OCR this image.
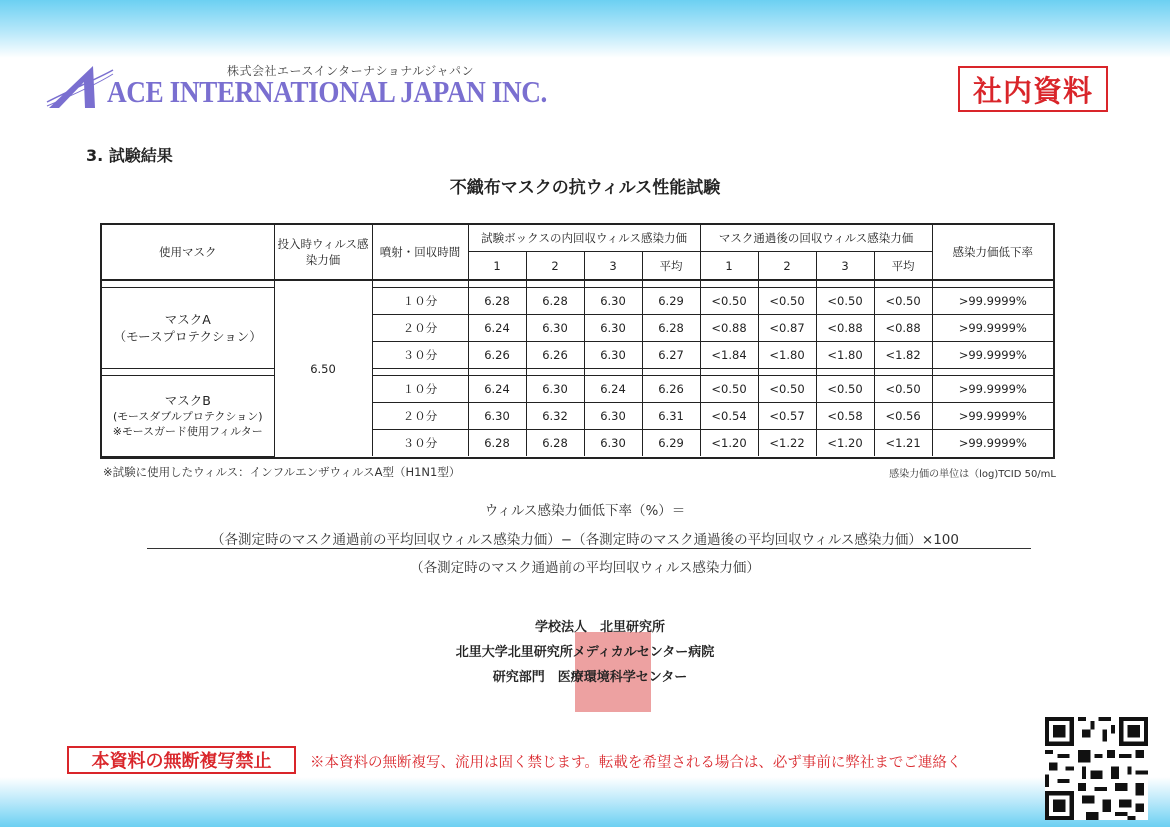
株式会社エースインターナショナルジャパン
ACE INTERNATIONAL JAPAN INC.	社内資料
3. 試験結果
不織布マスクの抗ウィルス性能試験
使用マスク	投入時ウィルス感染力価	噴射・回収時間	試験ボックスの内回収ウィルス感染力価				マスク通過後の回収ウィルス感染力価				感染力価低下率
			1	2	3	平均	1	2	3	平均	
	6.50										

マスクA
（モースプロテクション）		１０分	6.28	6.28	6.30	6.29	<0.50	<0.50	<0.50	<0.50	>99.9999%
		２０分	6.24	6.30	6.30	6.28	<0.88	<0.87	<0.88	<0.88	>99.9999%
		３０分	6.26	6.26	6.30	6.27	<1.84	<1.80	<1.80	<1.82	>99.9999%

マスクB
(モースダブルプロテクション)
※モースガード使用フィルター		１０分	6.24	6.30	6.24	6.26	<0.50	<0.50	<0.50	<0.50	>99.9999%
		２０分	6.30	6.32	6.30	6.31	<0.54	<0.57	<0.58	<0.56	>99.9999%
		３０分	6.28	6.28	6.30	6.29	<1.20	<1.22	<1.20	<1.21	>99.9999%
※試験に使用したウィルス：インフルエンザウィルスA型（H1N1型）	感染力価の単位は（log)TCID 50/mL
ウィルス感染力価低下率（%）＝
（各測定時のマスク通過前の平均回収ウィルス感染力価）−（各測定時のマスク通過後の平均回収ウィルス感染力価）×100
（各測定時のマスク通過前の平均回収ウィルス感染力価）
学校法人　北里研究所
北里大学北里研究所メディカルセンター病院
研究部門　医療環境科学センター
本資料の無断複写禁止	※本資料の無断複写、流用は固く禁じます。転載を希望される場合は、必ず事前に弊社までご連絡く
